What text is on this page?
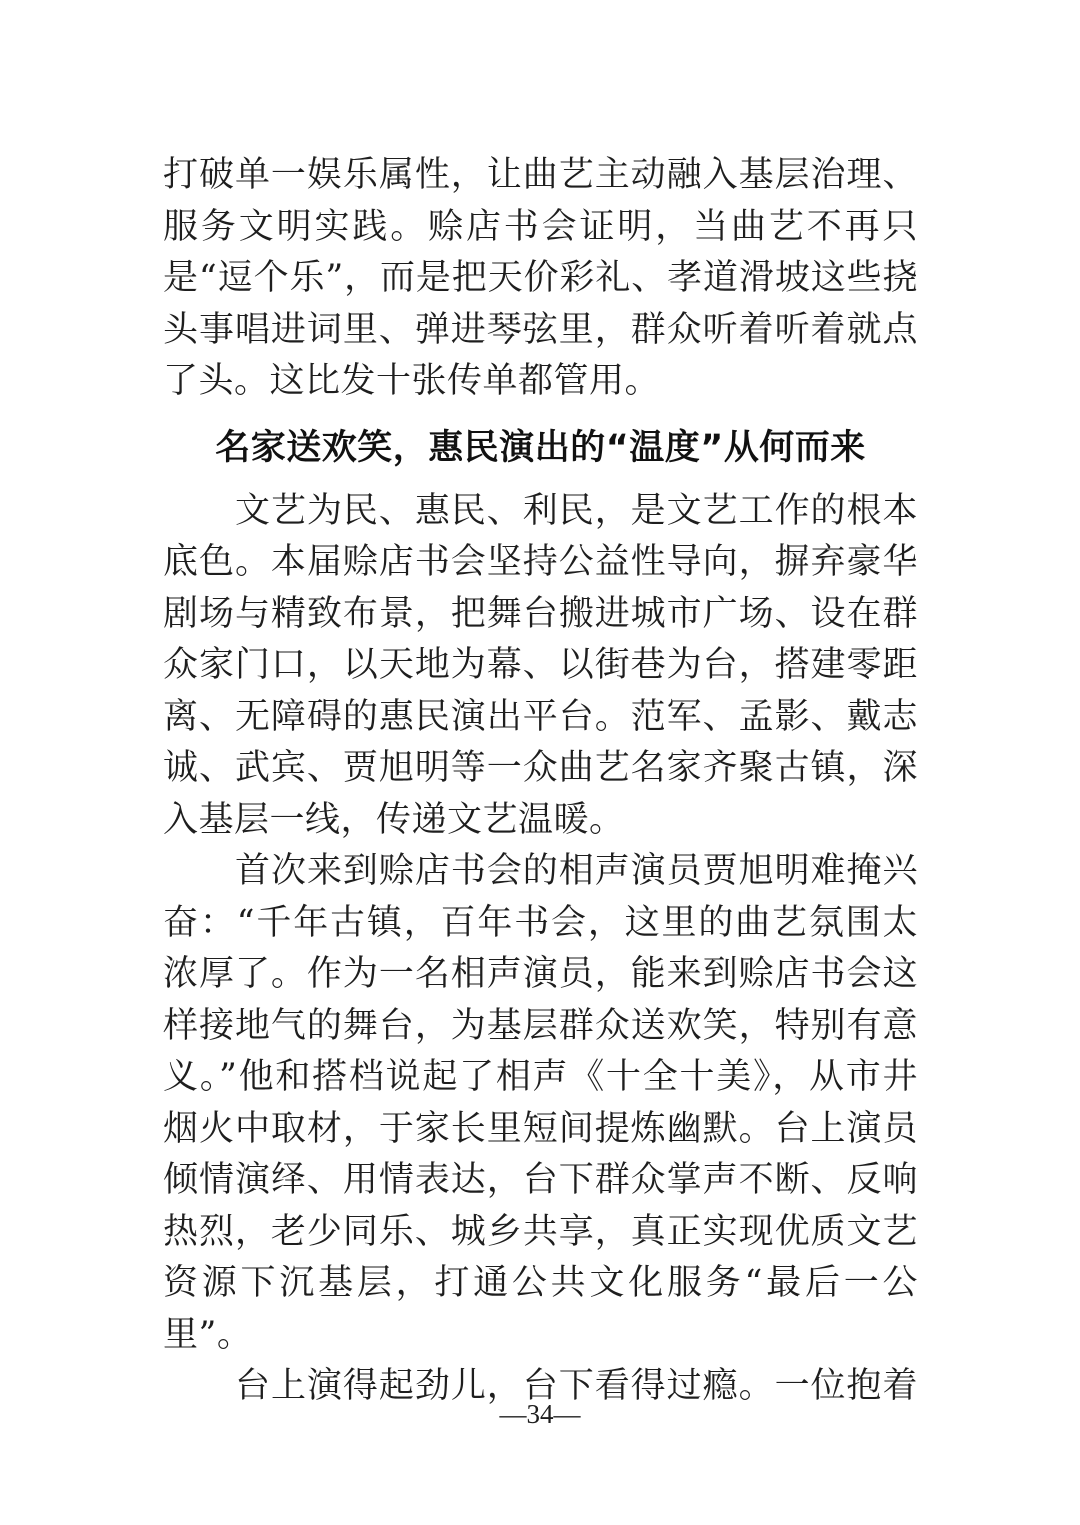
打破单一娱乐属性，让曲艺主动融入基层治理、服务文明实践。赊店书会证明，当曲艺不再只是“逗个乐”，而是把天价彩礼、孝道滑坡这些挠头事唱进词里、弹进琴弦里，群众听着听着就点了头。这比发十张传单都管用。

名家送欢笑，惠民演出的“温度”从何而来

文艺为民、惠民、利民，是文艺工作的根本底色。本届赊店书会坚持公益性导向，摒弃豪华剧场与精致布景，把舞台搬进城市广场、设在群众家门口，以天地为幕、以街巷为台，搭建零距离、无障碍的惠民演出平台。范军、孟影、戴志诚、武宾、贾旭明等一众曲艺名家齐聚古镇，深入基层一线，传递文艺温暖。

首次来到赊店书会的相声演员贾旭明难掩兴奋：“千年古镇，百年书会，这里的曲艺氛围太浓厚了。作为一名相声演员，能来到赊店书会这样接地气的舞台，为基层群众送欢笑，特别有意义。”他和搭档说起了相声《十全十美》，从市井烟火中取材，于家长里短间提炼幽默。台上演员倾情演绎、用情表达，台下群众掌声不断、反响热烈，老少同乐、城乡共享，真正实现优质文艺资源下沉基层，打通公共文化服务“最后一公里”。

台上演得起劲儿，台下看得过瘾。一位抱着

—34—
